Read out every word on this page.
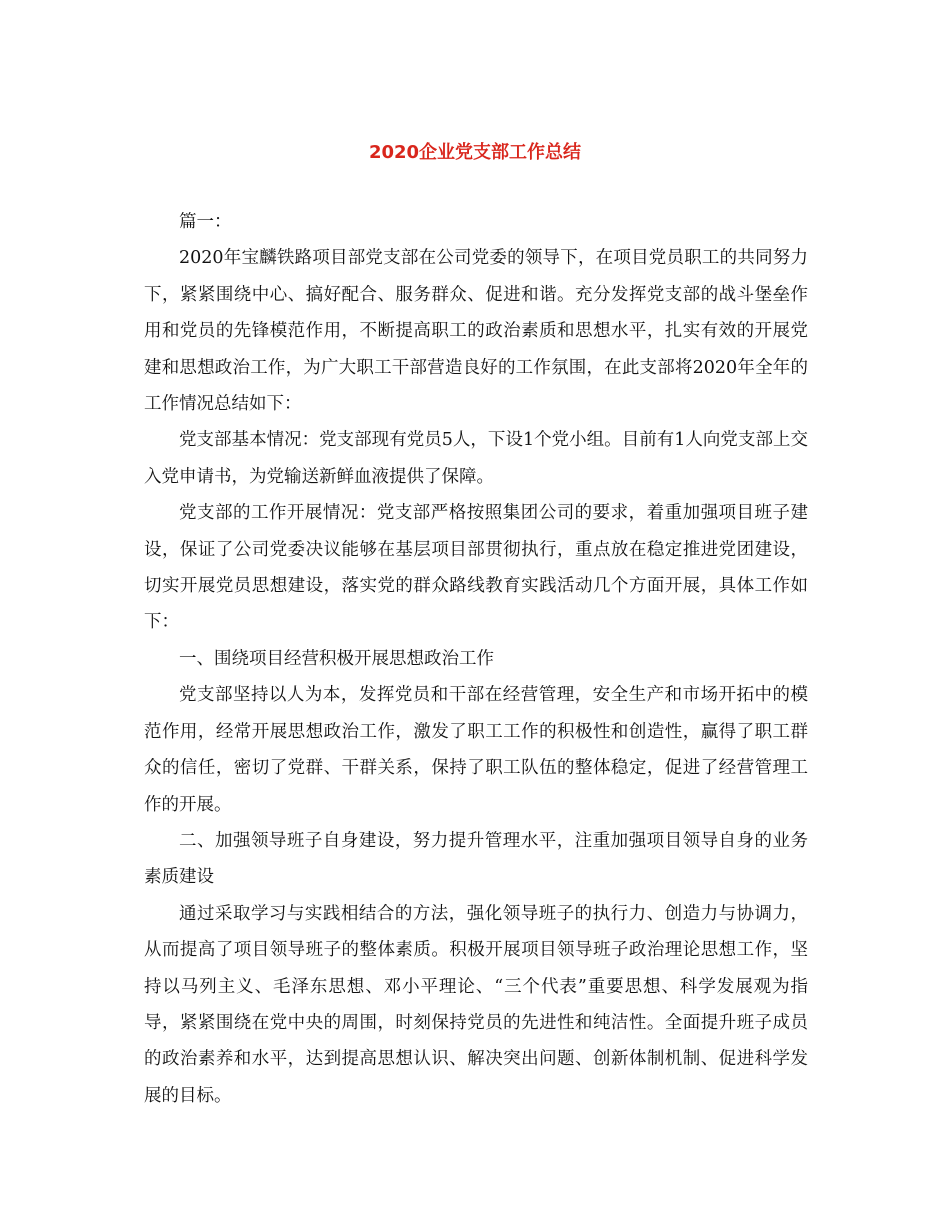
2020企业党支部工作总结

篇一：

2020年宝麟铁路项目部党支部在公司党委的领导下，在项目党员职工的共同努力下，紧紧围绕中心、搞好配合、服务群众、促进和谐。充分发挥党支部的战斗堡垒作用和党员的先锋模范作用，不断提高职工的政治素质和思想水平，扎实有效的开展党建和思想政治工作，为广大职工干部营造良好的工作氛围，在此支部将2020年全年的工作情况总结如下：

党支部基本情况：党支部现有党员5人，下设1个党小组。目前有1人向党支部上交入党申请书，为党输送新鲜血液提供了保障。

党支部的工作开展情况：党支部严格按照集团公司的要求，着重加强项目班子建设，保证了公司党委决议能够在基层项目部贯彻执行，重点放在稳定推进党团建设，切实开展党员思想建设，落实党的群众路线教育实践活动几个方面开展，具体工作如下：

一、围绕项目经营积极开展思想政治工作

党支部坚持以人为本，发挥党员和干部在经营管理，安全生产和市场开拓中的模范作用，经常开展思想政治工作，激发了职工工作的积极性和创造性，赢得了职工群众的信任，密切了党群、干群关系，保持了职工队伍的整体稳定，促进了经营管理工作的开展。

二、加强领导班子自身建设，努力提升管理水平，注重加强项目领导自身的业务素质建设

通过采取学习与实践相结合的方法，强化领导班子的执行力、创造力与协调力，从而提高了项目领导班子的整体素质。积极开展项目领导班子政治理论思想工作，坚持以马列主义、毛泽东思想、邓小平理论、“三个代表”重要思想、科学发展观为指导，紧紧围绕在党中央的周围，时刻保持党员的先进性和纯洁性。全面提升班子成员的政治素养和水平，达到提高思想认识、解决突出问题、创新体制机制、促进科学发展的目标。
